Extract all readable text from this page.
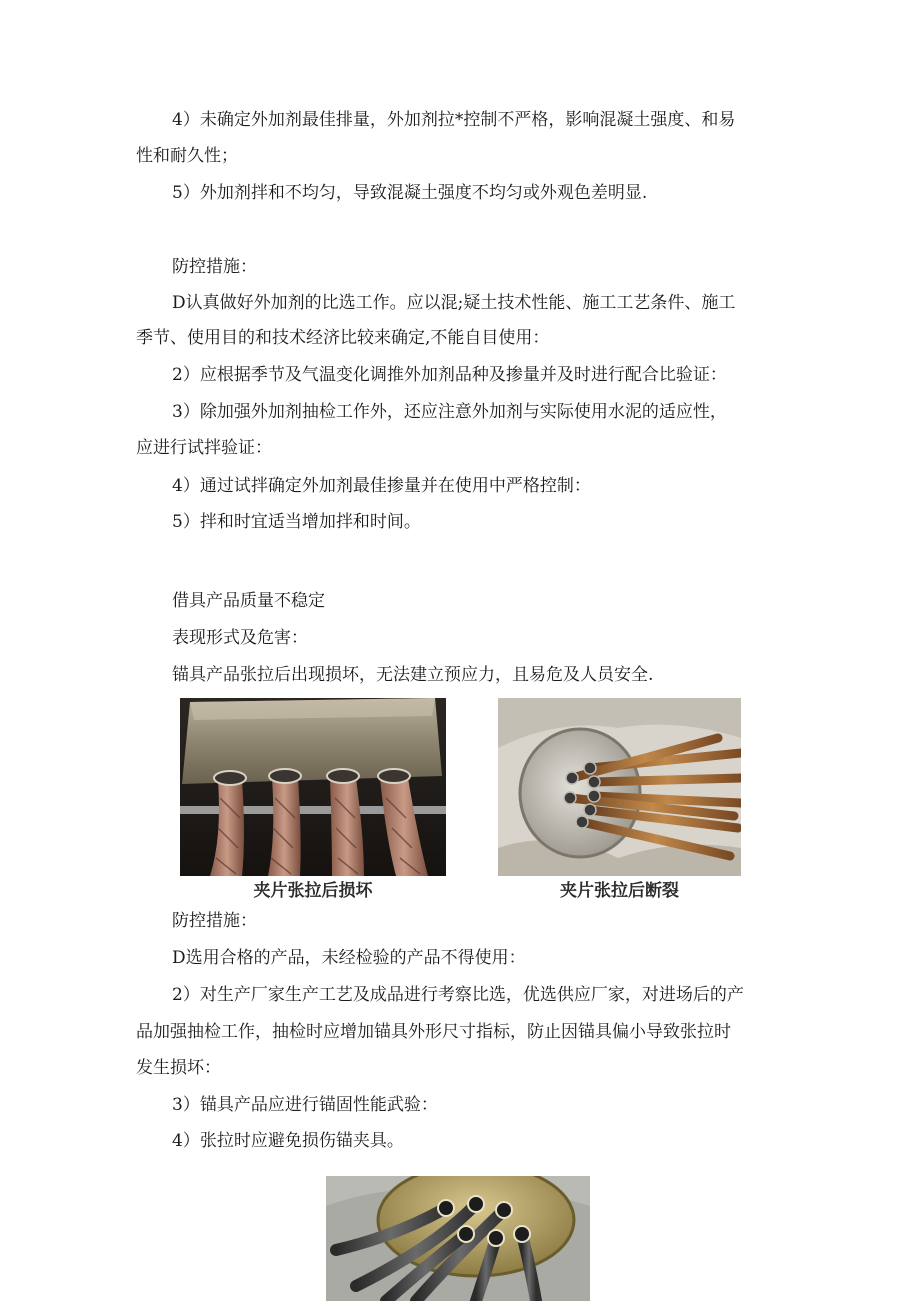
4）未确定外加剂最佳排量，外加剂拉*控制不严格，影响混凝土强度、和易
性和耐久性；
5）外加剂拌和不均匀，导致混凝土强度不均匀或外观色差明显.
防控措施：
D认真做好外加剂的比选工作。应以混;疑土技术性能、施工工艺条件、施工
季节、使用目的和技术经济比较来确定,不能自目使用：
2）应根据季节及气温变化调推外加剂品种及掺量并及时进行配合比验证：
3）除加强外加剂抽检工作外，还应注意外加剂与实际使用水泥的适应性，
应进行试拌验证：
4）通过试拌确定外加剂最佳掺量并在使用中严格控制：
5）拌和时宜适当增加拌和时间。
借具产品质量不稳定
表现形式及危害：
锚具产品张拉后出现损坏，无法建立预应力，且易危及人员安全.
夹片张拉后损坏	夹片张拉后断裂
防控措施：
D选用合格的产品，未经检验的产品不得使用：
2）对生产厂家生产工艺及成品进行考察比选，优选供应厂家，对进场后的产
品加强抽检工作，抽检时应增加锚具外形尺寸指标，防止因锚具偏小导致张拉时
发生损坏：
3）锚具产品应进行锚固性能武验：
4）张拉时应避免损伤锚夹具。
